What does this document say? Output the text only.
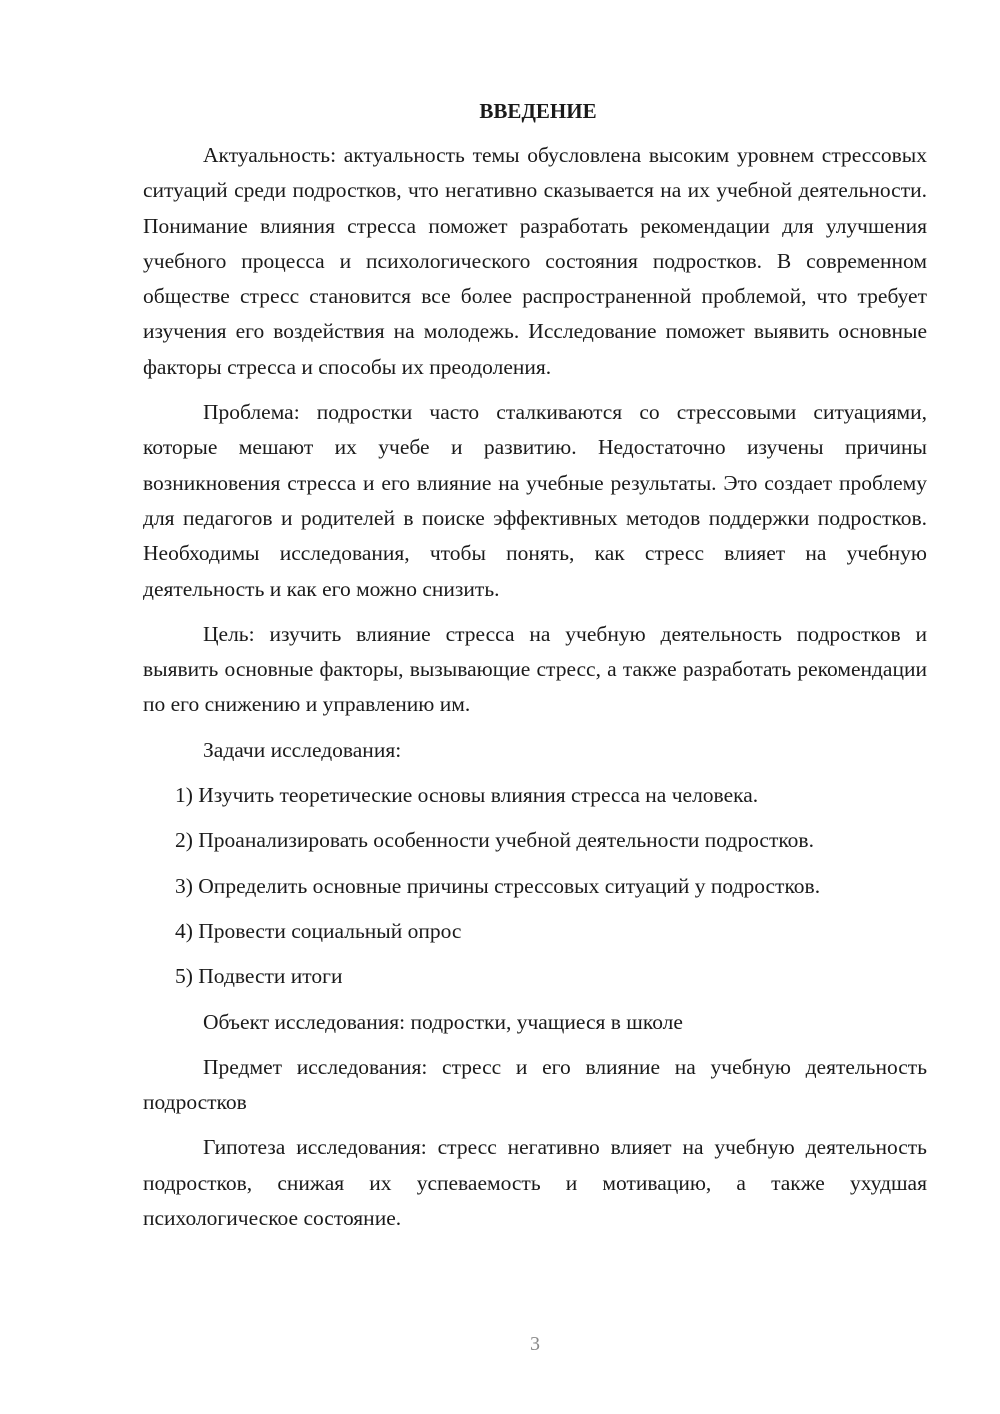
ВВЕДЕНИЕ

Актуальность: актуальность темы обусловлена высоким уровнем стрессовых ситуаций среди подростков, что негативно сказывается на их учебной деятельности. Понимание влияния стресса поможет разработать рекомендации для улучшения учебного процесса и психологического состояния подростков. В современном обществе стресс становится все более распространенной проблемой, что требует изучения его воздействия на молодежь. Исследование поможет выявить основные факторы стресса и способы их преодоления.

Проблема: подростки часто сталкиваются со стрессовыми ситуациями, которые мешают их учебе и развитию. Недостаточно изучены причины возникновения стресса и его влияние на учебные результаты. Это создает проблему для педагогов и родителей в поиске эффективных методов поддержки подростков. Необходимы исследования, чтобы понять, как стресс влияет на учебную деятельность и как его можно снизить.

Цель: изучить влияние стресса на учебную деятельность подростков и выявить основные факторы, вызывающие стресс, а также разработать рекомендации по его снижению и управлению им.

Задачи исследования:
1) Изучить теоретические основы влияния стресса на человека.
2) Проанализировать особенности учебной деятельности подростков.
3) Определить основные причины стрессовых ситуаций у подростков.
4) Провести социальный опрос
5) Подвести итоги

Объект исследования: подростки, учащиеся в школе

Предмет исследования: стресс и его влияние на учебную деятельность подростков

Гипотеза исследования: стресс негативно влияет на учебную деятельность подростков, снижая их успеваемость и мотивацию, а также ухудшая психологическое состояние.

3
